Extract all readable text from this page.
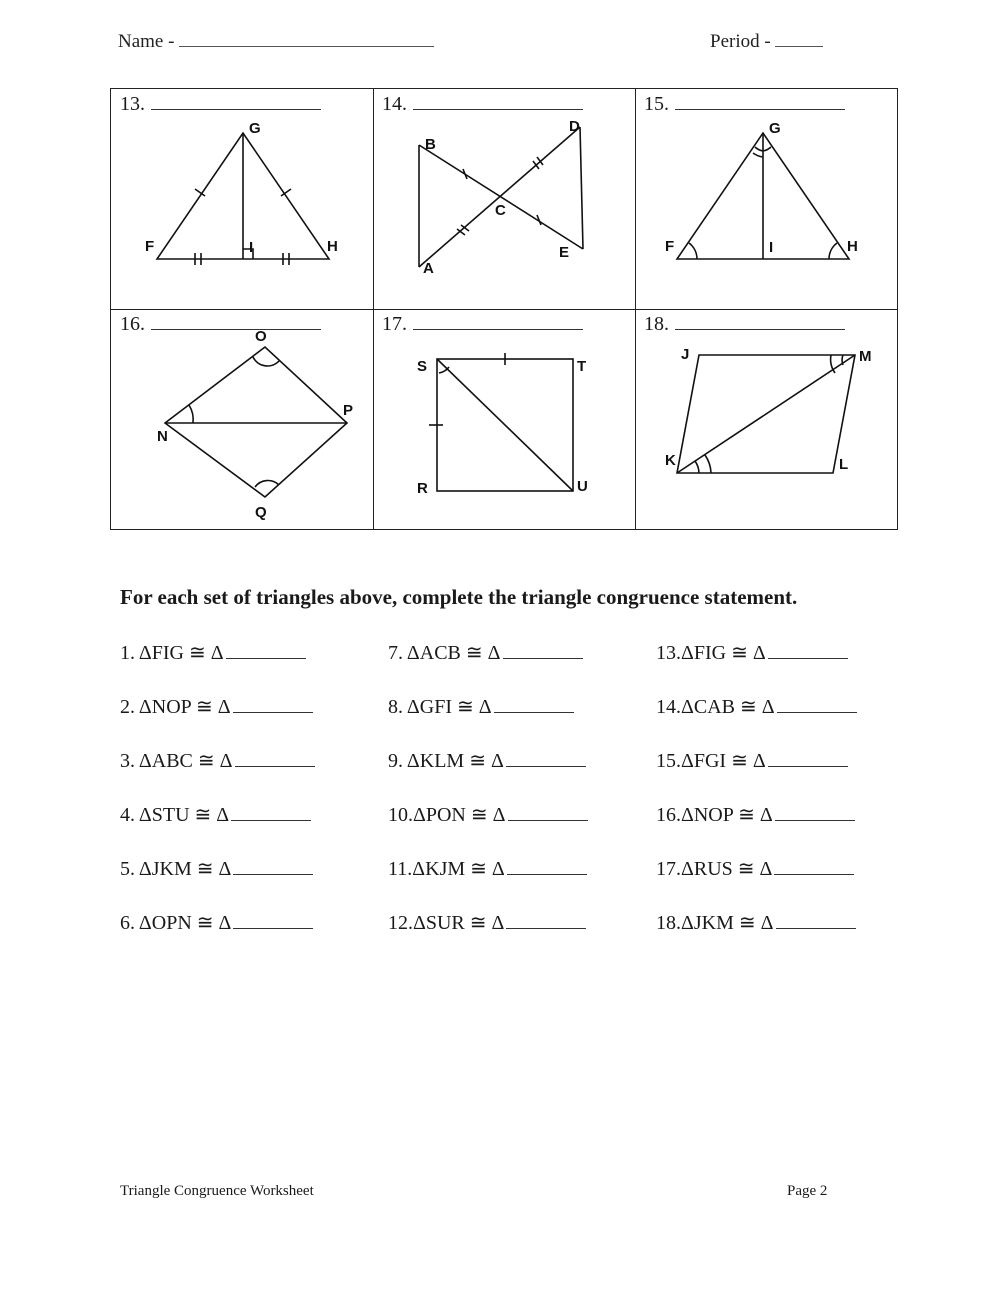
Name -	Period -
13.
G
F	I	H
14.
B
D
C
A
E
15.
G
F	I	H
16.
O
P
N
Q
17.
S	T
R	U
18.
J	M
K	L

For each set of triangles above, complete the triangle congruence statement.

1. ΔFIG ≅ Δ	7. ΔACB ≅ Δ	13.ΔFIG ≅ Δ
2. ΔNOP ≅ Δ	8. ΔGFI ≅ Δ	14.ΔCAB ≅ Δ
3. ΔABC ≅ Δ	9. ΔKLM ≅ Δ	15.ΔFGI ≅ Δ
4. ΔSTU ≅ Δ	10.ΔPON ≅ Δ	16.ΔNOP ≅ Δ
5. ΔJKM ≅ Δ	11.ΔKJM ≅ Δ	17.ΔRUS ≅ Δ
6. ΔOPN ≅ Δ	12.ΔSUR ≅ Δ	18.ΔJKM ≅ Δ
Triangle Congruence Worksheet	Page 2
